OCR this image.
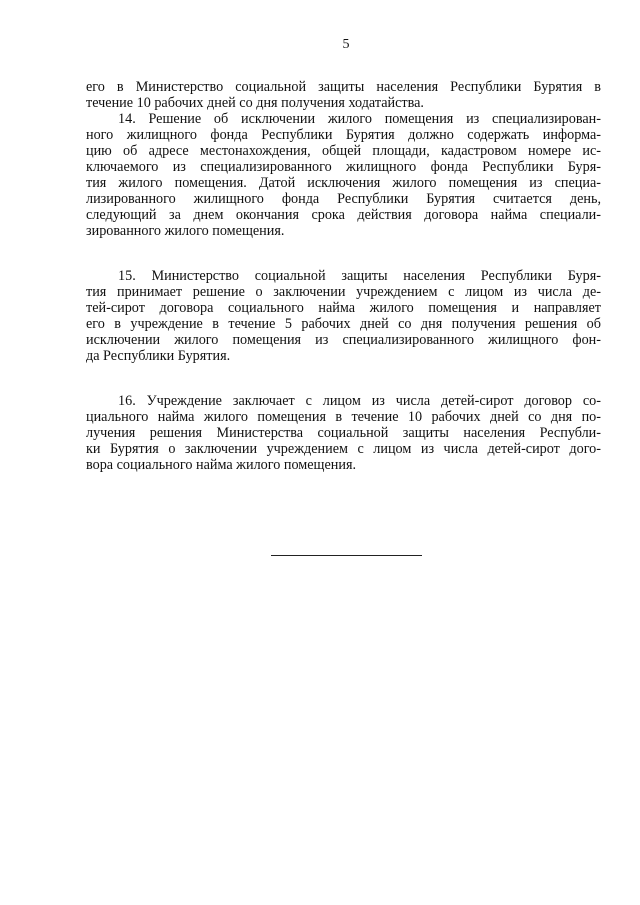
5
его в Министерство социальной защиты населения Республики Бурятия в
течение 10 рабочих дней со дня получения ходатайства.
14. Решение об исключении жилого помещения из специализирован-
ного жилищного фонда Республики Бурятия должно содержать информа-
цию об адресе местонахождения, общей площади, кадастровом номере ис-
ключаемого из специализированного жилищного фонда Республики Буря-
тия жилого помещения. Датой исключения жилого помещения из специа-
лизированного жилищного фонда Республики Бурятия считается день,
следующий за днем окончания срока действия договора найма специали-
зированного жилого помещения.
15. Министерство социальной защиты населения Республики Буря-
тия принимает решение о заключении учреждением с лицом из числа де-
тей-сирот договора социального найма жилого помещения и направляет
его в учреждение в течение 5 рабочих дней со дня получения решения об
исключении жилого помещения из специализированного жилищного фон-
да Республики Бурятия.
16. Учреждение заключает с лицом из числа детей-сирот договор со-
циального найма жилого помещения в течение 10 рабочих дней со дня по-
лучения решения Министерства социальной защиты населения Республи-
ки Бурятия о заключении учреждением с лицом из числа детей-сирот дого-
вора социального найма жилого помещения.
